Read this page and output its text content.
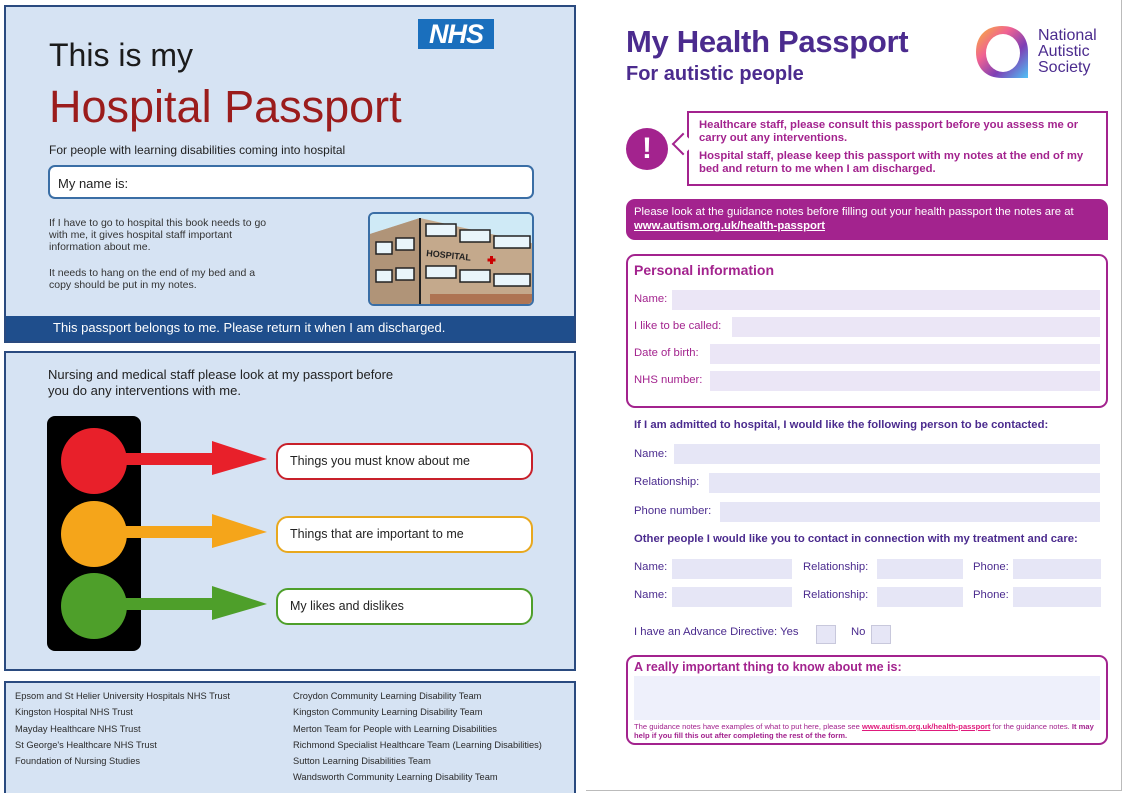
This is my
Hospital Passport
NHS
For people with learning disabilities coming into hospital
My name is:
If I have to go to hospital this book needs to go with me, it gives hospital staff important information about me.
It needs to hang on the end of my bed and a copy should be put in my notes.
HOSPITAL
This passport belongs to me. Please return it when I am discharged.
Nursing and medical staff please look at my passport before you do any interventions with me.
Things you must know about me
Things that are important to me
My likes and dislikes
Epsom and St Helier University Hospitals NHS Trust
Kingston Hospital NHS Trust
Mayday Healthcare NHS Trust
St George's Healthcare NHS Trust
Foundation of Nursing Studies
Croydon Community Learning Disability Team
Kingston Community Learning Disability Team
Merton Team for People with Learning Disabilities
Richmond Specialist Healthcare Team (Learning Disabilities)
Sutton Learning Disabilities Team
Wandsworth Community Learning Disability Team
My Health Passport
For autistic people
National
Autistic
Society
!

Healthcare staff, please consult this passport before you assess me or carry out any interventions.

Hospital staff, please keep this passport with my notes at the end of my bed and return to me when I am discharged.

Please look at the guidance notes before filling out your health passport the notes are at www.autism.org.uk/health-passport
Personal information
Name:
I like to be called:
Date of birth:
NHS number:
If I am admitted to hospital, I would like the following person to be contacted:
Name:
Relationship:
Phone number:
Other people I would like you to contact in connection with my treatment and care:
Name:	Relationship:	Phone:
Name:	Relationship:	Phone:
I have an Advance Directive: Yes	No
A really important thing to know about me is:
The guidance notes have examples of what to put here, please see www.autism.org.uk/health-passport for the guidance notes. It may help if you fill this out after completing the rest of the form.
